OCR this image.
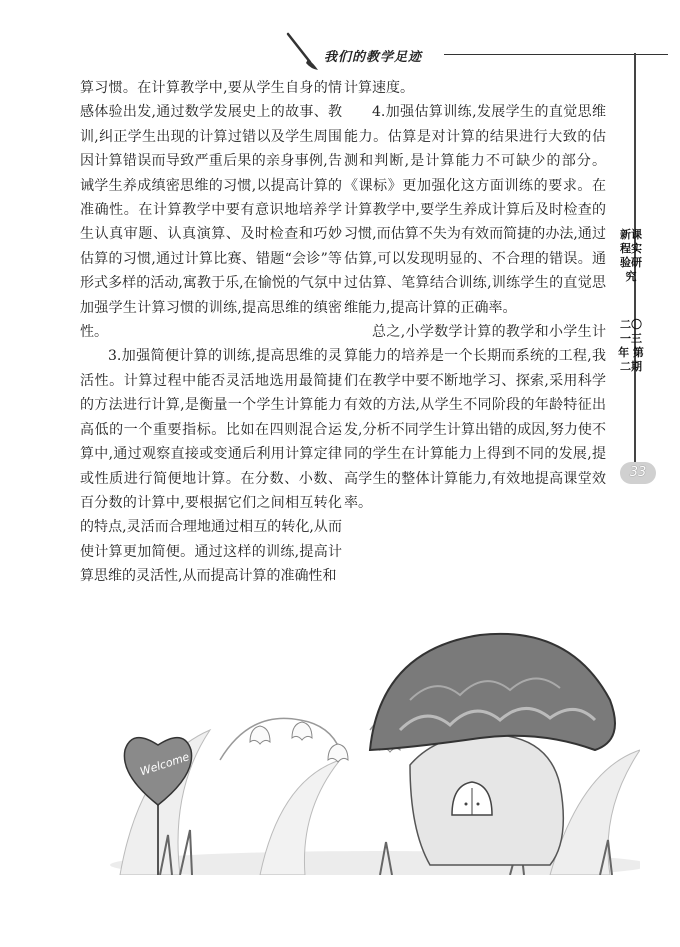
我们的教学足迹

算习惯。在计算教学中,要从学生自身的情感体验出发,通过数学发展史上的故事、教训,纠正学生出现的计算过错以及学生周围因计算错误而导致严重后果的亲身事例,告诫学生养成缜密思维的习惯,以提高计算的准确性。在计算教学中要有意识地培养学生认真审题、认真演算、及时检查和巧妙估算的习惯,通过计算比赛、错题“会诊”等形式多样的活动,寓教于乐,在愉悦的气氛中加强学生计算习惯的训练,提高思维的缜密性。

3.加强简便计算的训练,提高思维的灵活性。计算过程中能否灵活地选用最简捷的方法进行计算,是衡量一个学生计算能力高低的一个重要指标。比如在四则混合运算中,通过观察直接或变通后利用计算定律或性质进行简便地计算。在分数、小数、百分数的计算中,要根据它们之间相互转化的特点,灵活而合理地通过相互的转化,从而使计算更加简便。通过这样的训练,提高计算思维的灵活性,从而提高计算的准确性和

计算速度。

4.加强估算训练,发展学生的直觉思维能力。估算是对计算的结果进行大致的估测和判断,是计算能力不可缺少的部分。《课标》更加强化这方面训练的要求。在计算教学中,要学生养成计算后及时检查的习惯,而估算不失为有效而简捷的办法,通过估算,可以发现明显的、不合理的错误。通过估算、笔算结合训练,训练学生的直觉思维能力,提高计算的正确率。

总之,小学数学计算的教学和小学生计算能力的培养是一个长期而系统的工程,我们在教学中要不断地学习、探索,采用科学有效的方法,从学生不同阶段的年龄特征出发,分析不同学生计算出错的成因,努力使不同的学生在计算能力上得到不同的发展,提高学生的整体计算能力,有效地提高课堂效率。

新课程实验研究
二〇一三年 第二期
33
Welcome
